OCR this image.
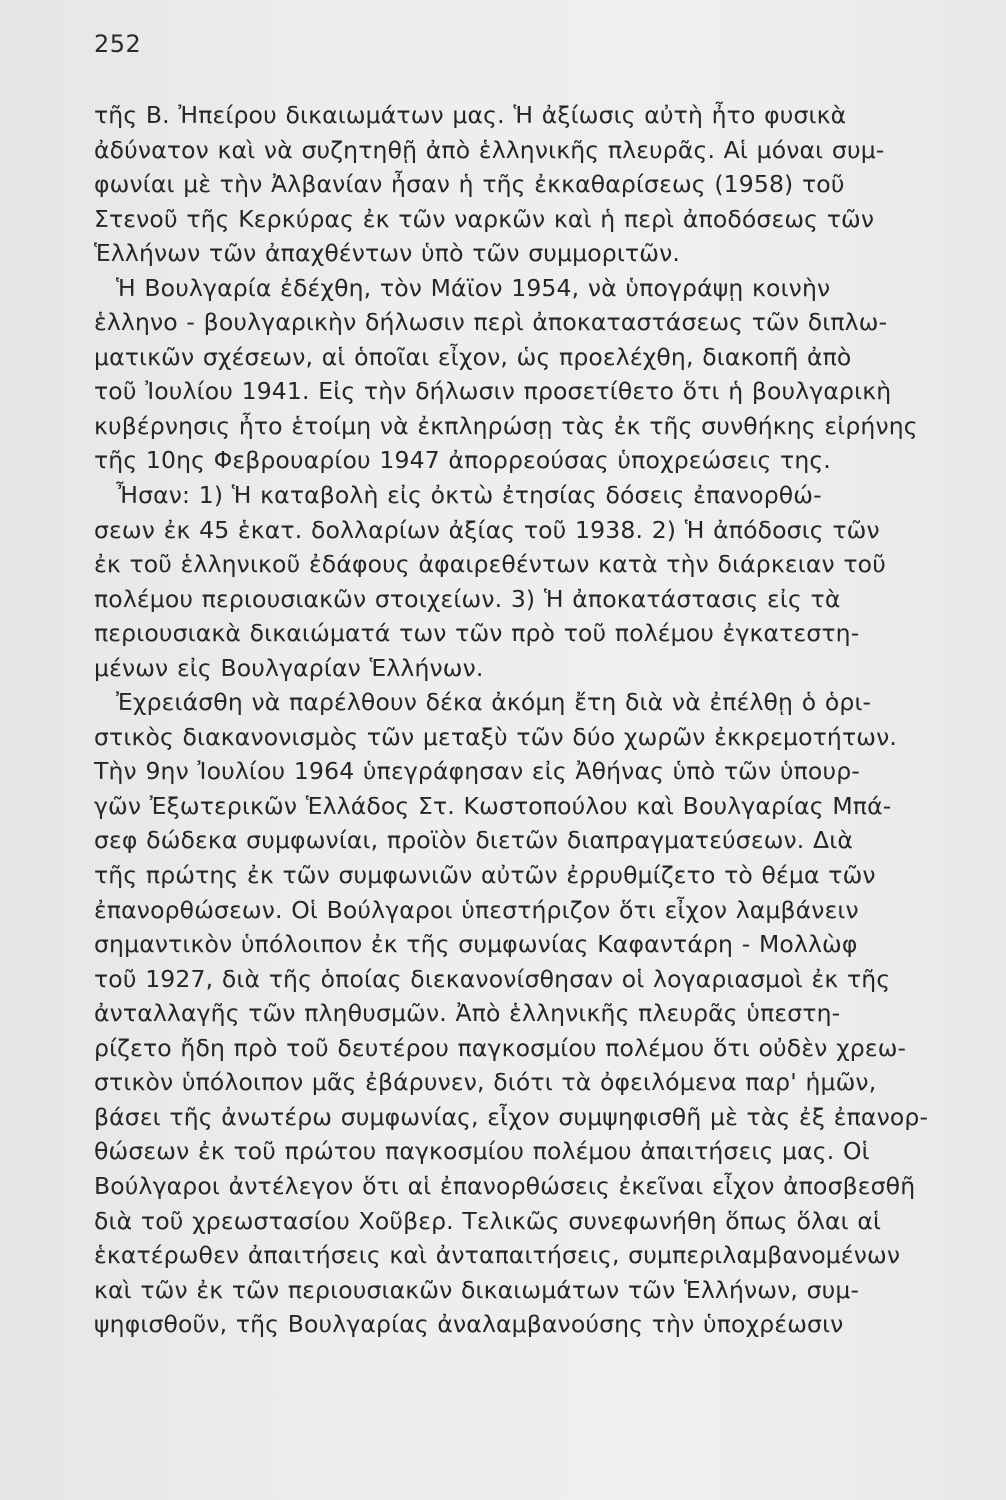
252
τῆς Β. Ἠπείρου δικαιωμάτων μας. Ἡ ἀξίωσις αὐτὴ ἦτο φυσικὰ
ἀδύνατον καὶ νὰ συζητηθῇ ἀπὸ ἑλληνικῆς πλευρᾶς. Αἱ μόναι συμ-
φωνίαι μὲ τὴν Ἀλβανίαν ἦσαν ἡ τῆς ἐκκαθαρίσεως (1958) τοῦ
Στενοῦ τῆς Κερκύρας ἐκ τῶν ναρκῶν καὶ ἡ περὶ ἀποδόσεως τῶν
Ἑλλήνων τῶν ἀπαχθέντων ὑπὸ τῶν συμμοριτῶν.
Ἡ Βουλγαρία ἐδέχθη, τὸν Μάϊον 1954, νὰ ὑπογράψῃ κοινὴν
ἑλληνο - βουλγαρικὴν δήλωσιν περὶ ἀποκαταστάσεως τῶν διπλω-
ματικῶν σχέσεων, αἱ ὁποῖαι εἶχον, ὡς προελέχθη, διακοπῆ ἀπὸ
τοῦ Ἰουλίου 1941. Εἰς τὴν δήλωσιν προσετίθετο ὅτι ἡ βουλγαρικὴ
κυβέρνησις ἦτο ἑτοίμη νὰ ἐκπληρώσῃ τὰς ἐκ τῆς συνθήκης εἰρήνης
τῆς 10ης Φεβρουαρίου 1947 ἀπορρεούσας ὑποχρεώσεις της.
Ἦσαν: 1) Ἡ καταβολὴ εἰς ὀκτὼ ἐτησίας δόσεις ἐπανορθώ-
σεων ἐκ 45 ἑκατ. δολλαρίων ἀξίας τοῦ 1938. 2) Ἡ ἀπόδοσις τῶν
ἐκ τοῦ ἑλληνικοῦ ἐδάφους ἀφαιρεθέντων κατὰ τὴν διάρκειαν τοῦ
πολέμου περιουσιακῶν στοιχείων. 3) Ἡ ἀποκατάστασις εἰς τὰ
περιουσιακὰ δικαιώματά των τῶν πρὸ τοῦ πολέμου ἐγκατεστη-
μένων εἰς Βουλγαρίαν Ἑλλήνων.
Ἐχρειάσθη νὰ παρέλθουν δέκα ἀκόμη ἔτη διὰ νὰ ἐπέλθῃ ὁ ὁρι-
στικὸς διακανονισμὸς τῶν μεταξὺ τῶν δύο χωρῶν ἐκκρεμοτήτων.
Τὴν 9ην Ἰουλίου 1964 ὑπεγράφησαν εἰς Ἀθήνας ὑπὸ τῶν ὑπουρ-
γῶν Ἐξωτερικῶν Ἑλλάδος Στ. Κωστοπούλου καὶ Βουλγαρίας Μπά-
σεφ δώδεκα συμφωνίαι, προϊὸν διετῶν διαπραγματεύσεων. Διὰ
τῆς πρώτης ἐκ τῶν συμφωνιῶν αὐτῶν ἐρρυθμίζετο τὸ θέμα τῶν
ἐπανορθώσεων. Οἱ Βούλγαροι ὑπεστήριζον ὅτι εἶχον λαμβάνειν
σημαντικὸν ὑπόλοιπον ἐκ τῆς συμφωνίας Καφαντάρη - Μολλὼφ
τοῦ 1927, διὰ τῆς ὁποίας διεκανονίσθησαν οἱ λογαριασμοὶ ἐκ τῆς
ἀνταλλαγῆς τῶν πληθυσμῶν. Ἀπὸ ἑλληνικῆς πλευρᾶς ὑπεστη-
ρίζετο ἤδη πρὸ τοῦ δευτέρου παγκοσμίου πολέμου ὅτι οὐδὲν χρεω-
στικὸν ὑπόλοιπον μᾶς ἐβάρυνεν, διότι τὰ ὀφειλόμενα παρ' ἡμῶν,
βάσει τῆς ἀνωτέρω συμφωνίας, εἶχον συμψηφισθῆ μὲ τὰς ἐξ ἐπανορ-
θώσεων ἐκ τοῦ πρώτου παγκοσμίου πολέμου ἀπαιτήσεις μας. Οἱ
Βούλγαροι ἀντέλεγον ὅτι αἱ ἐπανορθώσεις ἐκεῖναι εἶχον ἀποσβεσθῆ
διὰ τοῦ χρεωστασίου Χοῦβερ. Τελικῶς συνεφωνήθη ὅπως ὅλαι αἱ
ἑκατέρωθεν ἀπαιτήσεις καὶ ἀνταπαιτήσεις, συμπεριλαμβανομένων
καὶ τῶν ἐκ τῶν περιουσιακῶν δικαιωμάτων τῶν Ἑλλήνων, συμ-
ψηφισθοῦν, τῆς Βουλγαρίας ἀναλαμβανούσης τὴν ὑποχρέωσιν
